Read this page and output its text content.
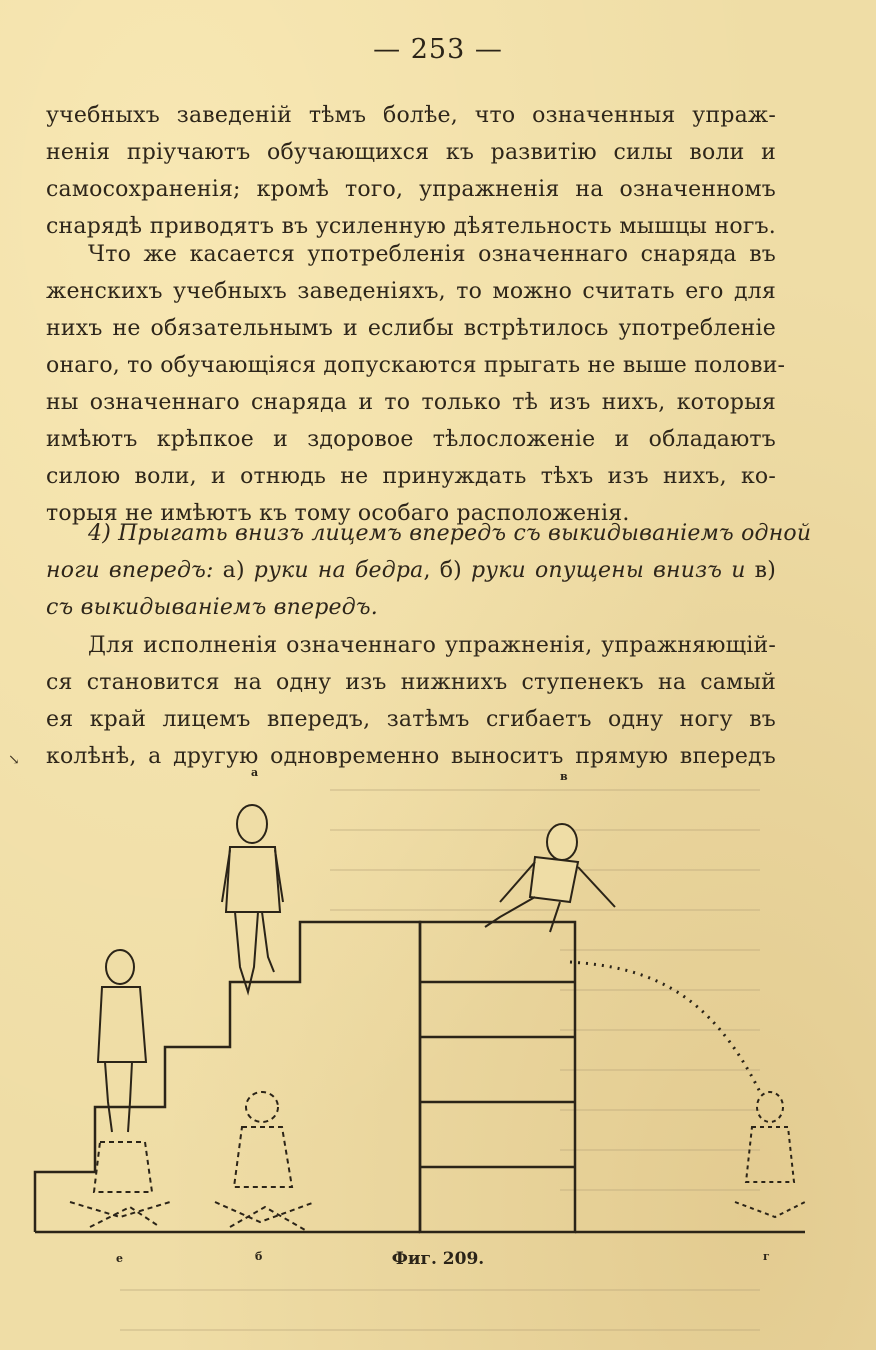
— 253 —
учебныхъ заведеній тѣмъ болѣе, что означенныя упраж-
ненія пріучаютъ обучающихся къ развитію силы воли и
самосохраненія; кромѣ того, упражненія на означенномъ
снарядѣ приводятъ въ усиленную дѣятельность мышцы ногъ.
Что же касается употребленія означеннаго снаряда въ
женскихъ учебныхъ заведеніяхъ, то можно считать его для
нихъ не обязательнымъ и еслибы встрѣтилось употребленіе
онаго, то обучающіяся допускаются прыгать не выше полови-
ны означеннаго снаряда и то только тѣ изъ нихъ, которыя
имѣютъ крѣпкое и здоровое тѣлосложеніе и обладаютъ
силою воли, и отнюдь не принуждать тѣхъ изъ нихъ, ко-
торыя не имѣютъ къ тому особаго расположенія.
4) Прыгать внизъ лицемъ впередъ съ выкидываніемъ одной
ноги впередъ: а) руки на бедра, б) руки опущены внизъ и в)
съ выкидываніемъ впередъ.
Для исполненія означеннаго упражненія, упражняющій-
ся становится на одну изъ нижнихъ ступенекъ на самый
ея край лицемъ впередъ, затѣмъ сгибаетъ одну ногу въ
колѣнѣ, а другую одновременно выноситъ прямую впередъ
↘
а	в
е	б	г
Фиг. 209.
